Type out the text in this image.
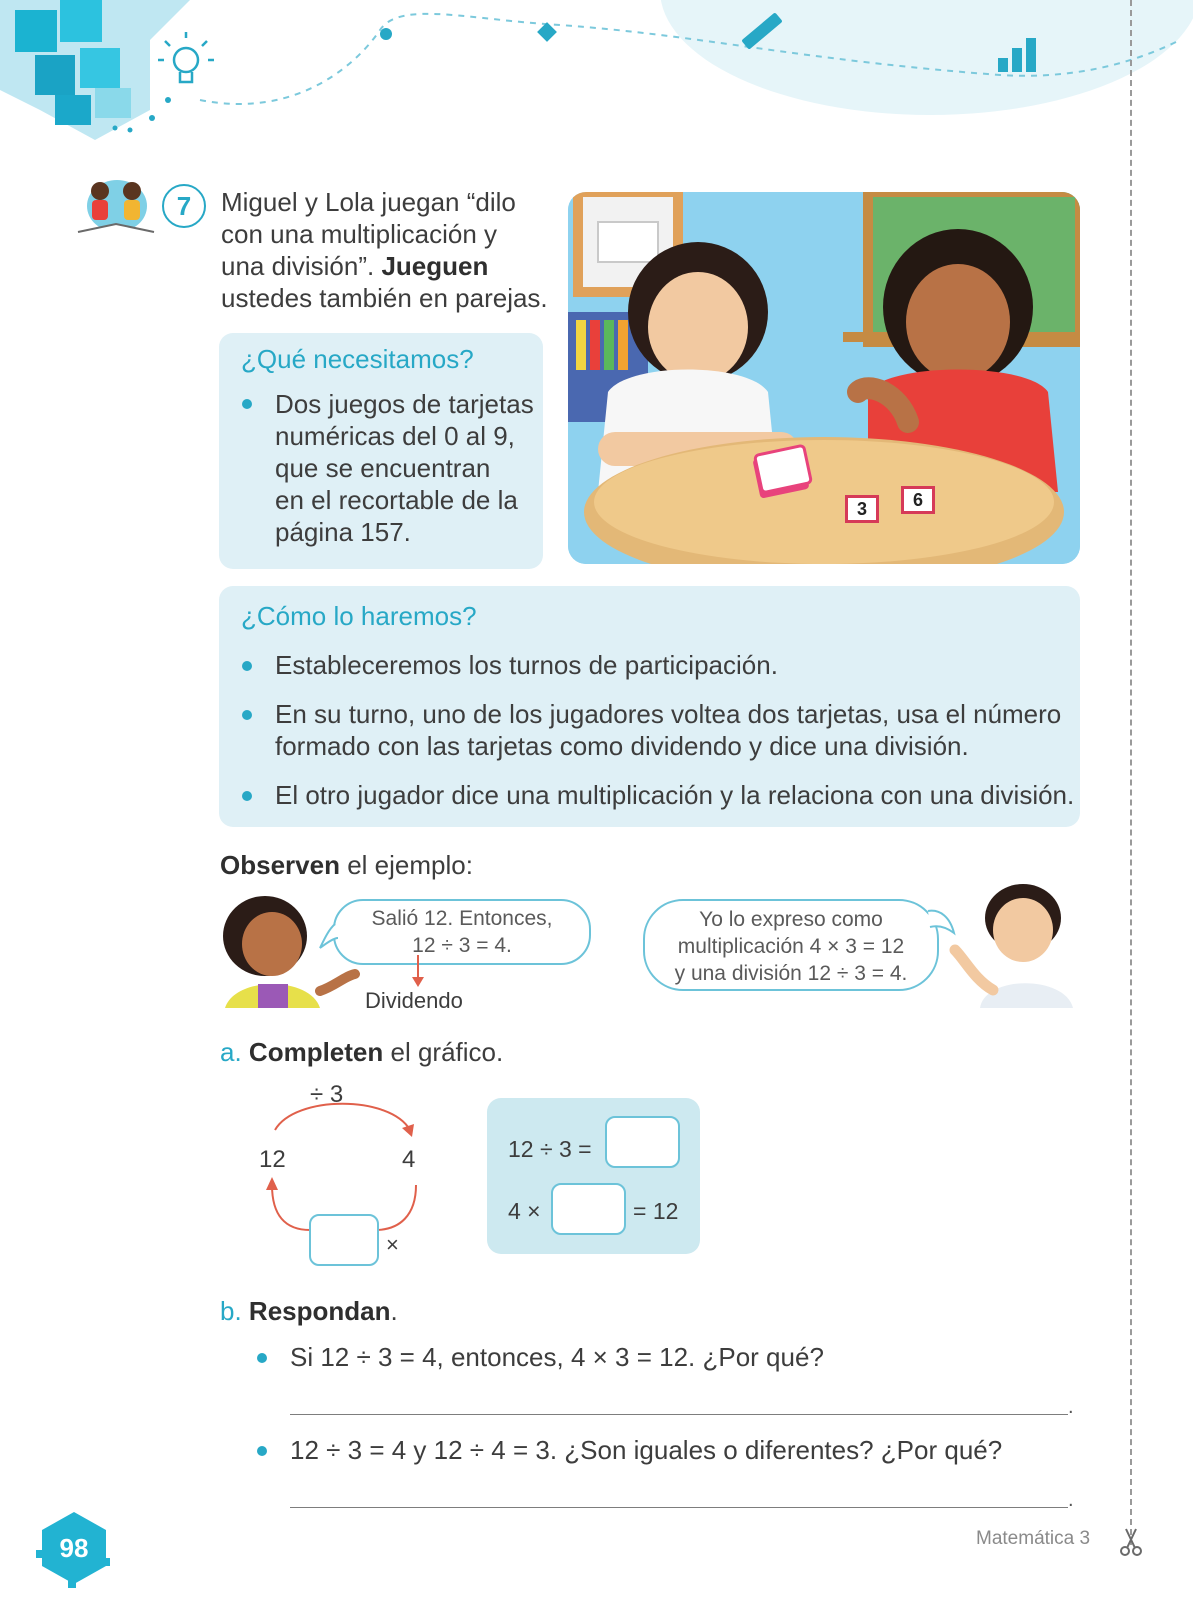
7	Miguel y Lola juegan “dilo
con una multiplicación y
una división”. Jueguen
ustedes también en parejas.
¿Qué necesitamos?
Dos juegos de tarjetas
numéricas del 0 al 9,
que se encuentran
en el recortable de la
página 157.
3	6
¿Cómo lo haremos?
Estableceremos los turnos de participación.
En su turno, uno de los jugadores voltea dos tarjetas, usa el número
formado con las tarjetas como dividendo y dice una división.
El otro jugador dice una multiplicación y la relaciona con una división.
Observen el ejemplo:
Salió 12. Entonces,
12 ÷ 3 = 4.
Dividendo
Yo lo expreso como
multiplicación 4 × 3 = 12
y una división 12 ÷ 3 = 4.
a. Completen el gráfico.
÷ 3
12	4
×
12 ÷ 3 =
4 ×	= 12
b. Respondan.
Si 12 ÷ 3 = 4, entonces, 4 × 3 = 12. ¿Por qué?
.
12 ÷ 3 = 4 y 12 ÷ 4 = 3. ¿Son iguales o diferentes? ¿Por qué?
.
98	Matemática 3
